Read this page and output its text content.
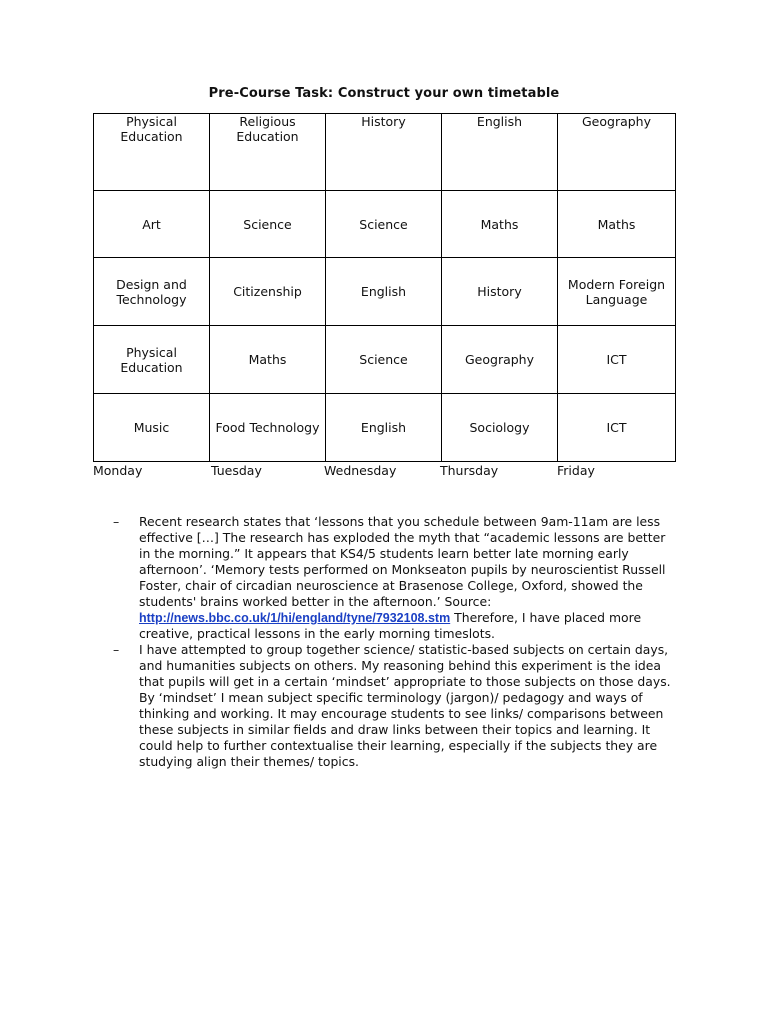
Pre-Course Task: Construct your own timetable
Physical Education	Religious Education	History	English	Geography
Art	Science	Science	Maths	Maths
Design and Technology	Citizenship	English	History	Modern Foreign Language
Physical Education	Maths	Science	Geography	ICT
Music	Food Technology	English	Sociology	ICT
Monday	Tuesday	Wednesday	Thursday	Friday
– Recent research states that ‘lessons that you schedule between 9am-11am are less effective […] The research has exploded the myth that “academic lessons are better in the morning.” It appears that KS4/5 students learn better late morning early afternoon’. ‘Memory tests performed on Monkseaton pupils by neuroscientist Russell Foster, chair of circadian neuroscience at Brasenose College, Oxford, showed the students' brains worked better in the afternoon.’ Source: http://news.bbc.co.uk/1/hi/england/tyne/7932108.stm Therefore, I have placed more creative, practical lessons in the early morning timeslots.
– I have attempted to group together science/ statistic-based subjects on certain days, and humanities subjects on others. My reasoning behind this experiment is the idea that pupils will get in a certain ‘mindset’ appropriate to those subjects on those days. By ‘mindset’ I mean subject specific terminology (jargon)/ pedagogy and ways of thinking and working. It may encourage students to see links/ comparisons between these subjects in similar fields and draw links between their topics and learning. It could help to further contextualise their learning, especially if the subjects they are studying align their themes/ topics.
